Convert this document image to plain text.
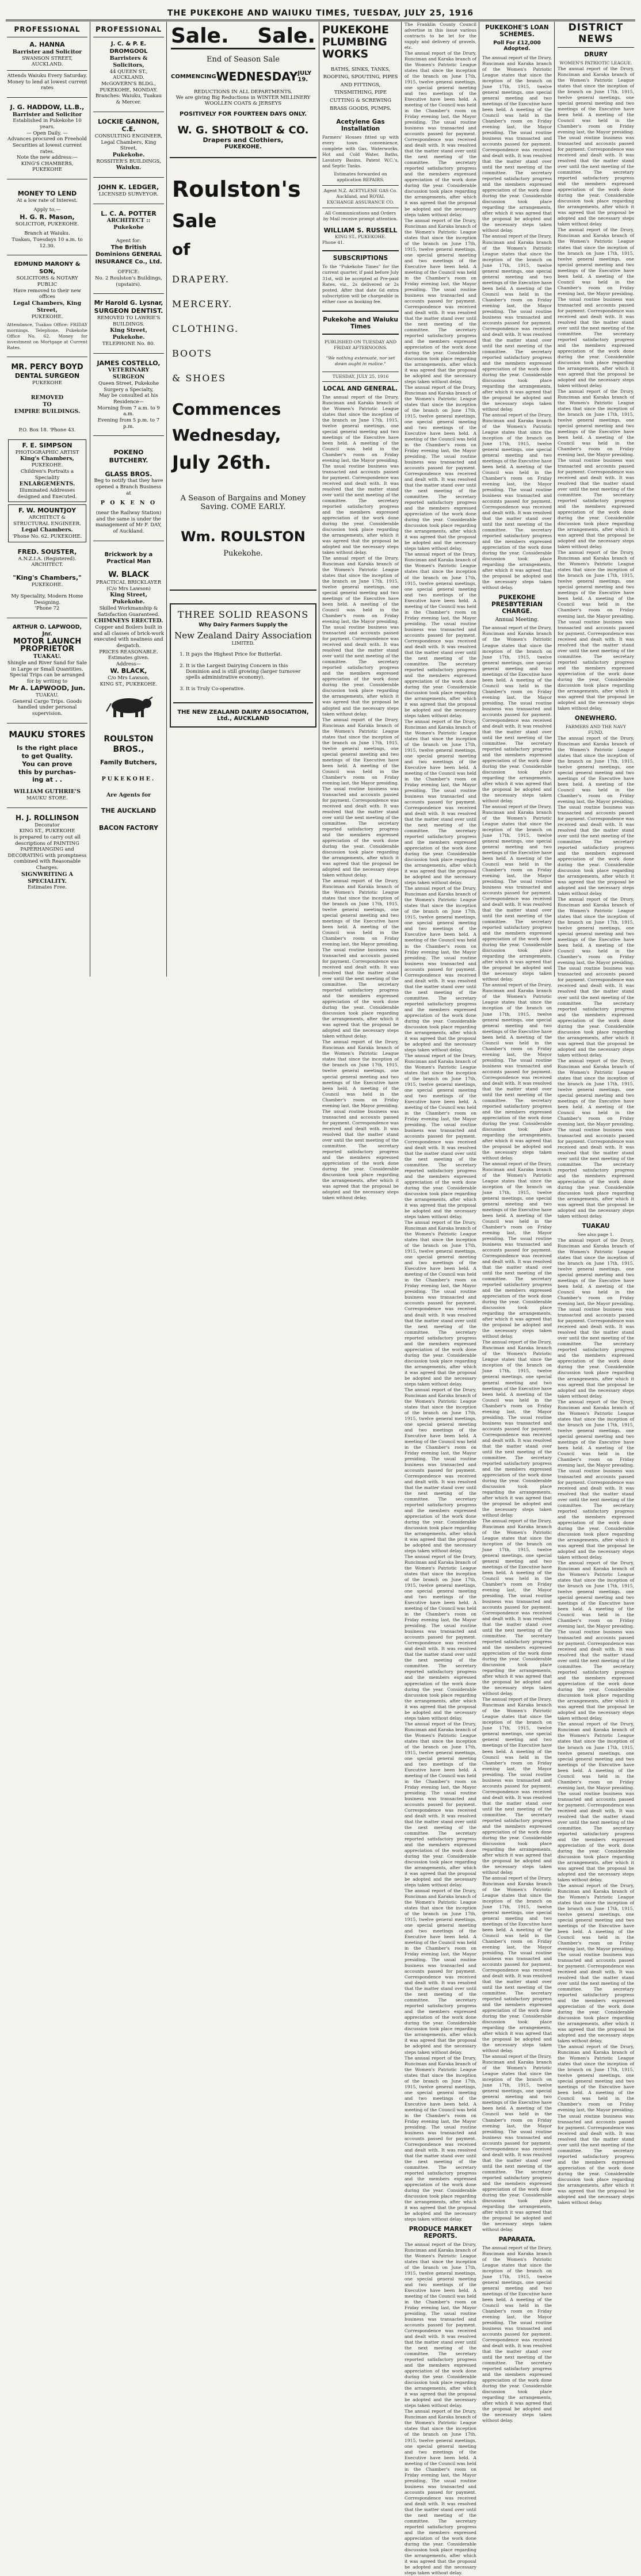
THE PUKEKOHE AND WAIUKU TIMES, TUESDAY, JULY 25, 1916
PROFESSIONAL
A. HANNA
Barrister and Solicitor
SWANSON STREET, AUCKLAND.
Attends Waiuku Every Saturday.
Money to lend at lowest current rates
J. G. HADDOW, LL.B.,
Barrister and Solicitor
Established in Pukekohe 10 years.
— Open Daily. —
Advances procured on Freehold Securities at lowest current rates.
Note the new address:— KING'S CHAMBERS, PUKEKOHE
MONEY TO LEND
At a low rate of Interest.
Apply to,—
H. G. R. Mason,
SOLICITOR, PUKEKOHE.
Branch at Waiuku.
Tuakau, Tuesdays 10 a.m. to 12.30.
EDMUND MARONY & SON,
SOLICITORS & NOTARY PUBLIC
Have removed to their new offices
Legal Chambers, King Street,
PUKEKOHE.
Attendance, Tuakau Office: FRIDAY mornings. Telephone, Pukekohe Office No. 62. Money for investment on Mortgage at Current Rates.
MR. PERCY BOYD
DENTAL SURGEON
PUKEKOHE
REMOVED
TO
EMPIRE BUILDINGS.
P.O. Box 18. 'Phone 43.
F. E. SIMPSON
PHOTOGRAPHIC ARTIST
King's Chambers,
PUKEKOHE.
Children's Portraits a Speciality
ENLARGEMENTS.
Illuminated Addresses designed and Executed.
F. W. MOUNTJOY
ARCHITECT & STRUCTURAL ENGINEER.
Legal Chambers.
'Phone No. 62. PUKEKOHE.
FRED. SOUSTER,
A.N.Z.I.A. (Registered).
ARCHITECT.
"King's Chambers,"
PUKEKOHE.
My Speciality, Modern Home Designing.
'Phone 72
ARTHUR O. LAPWOOD, Jnr.
MOTOR LAUNCH PROPRIETOR
TUAKAU.
Shingle and River Sand for Sale in Large or Small Quantities.
Special Trips can be arranged for by writing to
Mr A. LAPWOOD, Jun.
TUAKAU.
General Cargo Trips. Goods handled under personal supervision.
MAUKU STORES
Is the right place
to get Quality.
You can prove
this by purchas-
ing at . .
WILLIAM GUTHRIE'S
MAUKU STORE.
H. J. ROLLINSON
Decorator
KING ST., PUKEKOHE
is prepared to carry out all descriptions of PAINTING PAPERHANGING and DECORATING with promptness combined with Reasonable Charges.
SIGNWRITING A SPECIALITY.
Estimates Free.
PROFESSIONAL
J. C. & P. E. DROMGOOL
Barristers & Solicitors,
44 QUEEN ST., AUCKLAND.
McGOVERN'S BLDG., PUKEKOHE, MONDAY.
Branches: Waiuku, Tuakau & Mercer.
LOCKIE GANNON, C.E.
CONSULTING ENGINEER,
Legal Chambers, King Street,
Pukekohe.
ROSSITER'S BUILDINGS,
Waiuku.
JOHN K. LEDGER,
LICENSED SURVEYOR.
L. C. A. POTTER
ARCHITECT :: Pukekohe
Agent for:
The British Dominions GENERAL INSURANCE Co., Ltd.
OFFICE:
No. 2 Roulston's Buildings, (upstairs).
Mr Harold G. Lysnar,
SURGEON DENTIST.
REMOVED TO LAWRIE'S BUILDINGS.
King Street, Pukekohe.
TELEPHONE No. 80.
JAMES COSTELLO,
VETERINARY SURGEON
Queen Street, Pukekohe
Surgery a Specialty,
May be consulted at his Residence—
Morning from 7 a.m. to 9 a.m.
Evening from 5 p.m. to 7 p.m.
POKENO BUTCHERY.
GLASS BROS.
Beg to notify that they have opened a Branch Business at
P O K E N O
(near the Railway Station) and the same is under the management of Mr F. DAY, of Auckland.
Brickwork by a Practical Man
W. BLACK
PRACTICAL BRICKLAYER
(C/o Mrs Lawson)
King Street, Pukekohe.
Skilled Workmanship & Satisfaction Guaranteed.
CHIMNEYS ERECTED.
Copper and Boilers built in and all classes of brick-work executed with neatness and despatch.
PRICES REASONABLE.
Estimates given.
Address—
W. BLACK,
C/o Mrs Lawson,
KING ST., PUKEKOHE.
ROULSTON BROS.,
Family Butchers,
PUKEKOHE.
Are Agents for
THE AUCKLAND
BACON FACTORY
Sale. Sale.
End of Season Sale
COMMENCING WEDNESDAY JULY 19.
REDUCTIONS IN ALL DEPARTMENTS.
We are giving Big Reductions in WINTER MILLINERY WOOLLEN COATS & JERSEYS
POSITIVELY FOR FOURTEEN DAYS ONLY.
W. G. SHOTBOLT & CO.
Drapers and Clothiers,
PUKEKOHE.
Roulston's
Sale
of
DRAPERY.
MERCERY.
CLOTHING.
BOOTS
& SHOES
Commences
Wednesday,
July 26th.
A Season of Bargains and Money Saving. COME EARLY.
Wm. ROULSTON
Pukekohe.
THREE SOLID REASONS
Why Dairy Farmers Supply the
New Zealand Dairy Association
LIMITED.
1. It pays the Highest Price for Butterfat.
2. It is the Largest Dairying Concern in this Dominion and is still growing (larger turnover spells administrative economy).
3. It is Truly Co-operative.
THE NEW ZEALAND DAIRY ASSOCIATION, Ltd., AUCKLAND
PUKEKOHE
PLUMBING
WORKS
BATHS, SINKS, TANKS, ROOFING, SPOUTING, PIPES AND FITTINGS, TINSMITHING, PIPE CUTTING & SCREWING BRASS GOODS, PUMPS.
Acetylene Gas Installation
Farmers' Houses fitted up with every town convenience, complete with Gas, Waterworks, Hot and Cold Water, Baths, Lavatory Basins, Patent W.C.'s, and Septic Tanks.
Estimates forwarded on application REPAIRS.
Agent N.Z. ACETYLENE GAS Co. Auckland, and ROYAL EXCHANGE ASSURANCE CO.
All Communications and Orders by Mail receive prompt attention.
WILLIAM S. RUSSELL
KING ST., PUKEKOHE.
Phone 41.
SUBSCRIPTIONS
To the "Pukekohe Times" for the current quarter, if paid before July 31st, will be accepted at Pre-paid Rates, viz., 2s delivered or 2s posted. After that date 6d extra subscription will be chargeable in either case as booking fee.
Pukekohe and Waiuku Times
PUBLISHED ON TUESDAY AND FRIDAY AFTERNOONS.
"We nothing extenuate, nor set down aught in malice."
TUESDAY, JULY 25, 1916
LOCAL AND GENERAL.
The annual report of the Drury, Runciman and Karaka branch of the Women's Patriotic League states that since the inception of the branch on June 17th, 1915, twelve general meetings, one special general meeting and two meetings of the Executive have been held. A meeting of the Council was held in the Chamber's room on Friday evening last, the Mayor presiding. The usual routine business was transacted and accounts passed for payment. Correspondence was received and dealt with. It was resolved that the matter stand over until the next meeting of the committee. The secretary reported satisfactory progress and the members expressed appreciation of the work done during the year. Considerable discussion took place regarding the arrangements, after which it was agreed that the proposal be adopted and the necessary steps taken without delay.
The annual report of the Drury, Runciman and Karaka branch of the Women's Patriotic League states that since the inception of the branch on June 17th, 1915, twelve general meetings, one special general meeting and two meetings of the Executive have been held. A meeting of the Council was held in the Chamber's room on Friday evening last, the Mayor presiding. The usual routine business was transacted and accounts passed for payment. Correspondence was received and dealt with. It was resolved that the matter stand over until the next meeting of the committee. The secretary reported satisfactory progress and the members expressed appreciation of the work done during the year. Considerable discussion took place regarding the arrangements, after which it was agreed that the proposal be adopted and the necessary steps taken without delay.
The annual report of the Drury, Runciman and Karaka branch of the Women's Patriotic League states that since the inception of the branch on June 17th, 1915, twelve general meetings, one special general meeting and two meetings of the Executive have been held. A meeting of the Council was held in the Chamber's room on Friday evening last, the Mayor presiding. The usual routine business was transacted and accounts passed for payment. Correspondence was received and dealt with. It was resolved that the matter stand over until the next meeting of the committee. The secretary reported satisfactory progress and the members expressed appreciation of the work done during the year. Considerable discussion took place regarding the arrangements, after which it was agreed that the proposal be adopted and the necessary steps taken without delay.
The annual report of the Drury, Runciman and Karaka branch of the Women's Patriotic League states that since the inception of the branch on June 17th, 1915, twelve general meetings, one special general meeting and two meetings of the Executive have been held. A meeting of the Council was held in the Chamber's room on Friday evening last, the Mayor presiding. The usual routine business was transacted and accounts passed for payment. Correspondence was received and dealt with. It was resolved that the matter stand over until the next meeting of the committee. The secretary reported satisfactory progress and the members expressed appreciation of the work done during the year. Considerable discussion took place regarding the arrangements, after which it was agreed that the proposal be adopted and the necessary steps taken without delay.
The annual report of the Drury, Runciman and Karaka branch of the Women's Patriotic League states that since the inception of the branch on June 17th, 1915, twelve general meetings, one special general meeting and two meetings of the Executive have been held. A meeting of the Council was held in the Chamber's room on Friday evening last, the Mayor presiding. The usual routine business was transacted and accounts passed for payment. Correspondence was received and dealt with. It was resolved that the matter stand over until the next meeting of the committee. The secretary reported satisfactory progress and the members expressed appreciation of the work done during the year. Considerable discussion took place regarding the arrangements, after which it was agreed that the proposal be adopted and the necessary steps taken without delay.
The Franklin County Council advertise in this issue various contracts to be let for the supply and delivery of gravels, etc.
The annual report of the Drury, Runciman and Karaka branch of the Women's Patriotic League states that since the inception of the branch on June 17th, 1915, twelve general meetings, one special general meeting and two meetings of the Executive have been held. A meeting of the Council was held in the Chamber's room on Friday evening last, the Mayor presiding. The usual routine business was transacted and accounts passed for payment. Correspondence was received and dealt with. It was resolved that the matter stand over until the next meeting of the committee. The secretary reported satisfactory progress and the members expressed appreciation of the work done during the year. Considerable discussion took place regarding the arrangements, after which it was agreed that the proposal be adopted and the necessary steps taken without delay.
The annual report of the Drury, Runciman and Karaka branch of the Women's Patriotic League states that since the inception of the branch on June 17th, 1915, twelve general meetings, one special general meeting and two meetings of the Executive have been held. A meeting of the Council was held in the Chamber's room on Friday evening last, the Mayor presiding. The usual routine business was transacted and accounts passed for payment. Correspondence was received and dealt with. It was resolved that the matter stand over until the next meeting of the committee. The secretary reported satisfactory progress and the members expressed appreciation of the work done during the year. Considerable discussion took place regarding the arrangements, after which it was agreed that the proposal be adopted and the necessary steps taken without delay.
The annual report of the Drury, Runciman and Karaka branch of the Women's Patriotic League states that since the inception of the branch on June 17th, 1915, twelve general meetings, one special general meeting and two meetings of the Executive have been held. A meeting of the Council was held in the Chamber's room on Friday evening last, the Mayor presiding. The usual routine business was transacted and accounts passed for payment. Correspondence was received and dealt with. It was resolved that the matter stand over until the next meeting of the committee. The secretary reported satisfactory progress and the members expressed appreciation of the work done during the year. Considerable discussion took place regarding the arrangements, after which it was agreed that the proposal be adopted and the necessary steps taken without delay.
The annual report of the Drury, Runciman and Karaka branch of the Women's Patriotic League states that since the inception of the branch on June 17th, 1915, twelve general meetings, one special general meeting and two meetings of the Executive have been held. A meeting of the Council was held in the Chamber's room on Friday evening last, the Mayor presiding. The usual routine business was transacted and accounts passed for payment. Correspondence was received and dealt with. It was resolved that the matter stand over until the next meeting of the committee. The secretary reported satisfactory progress and the members expressed appreciation of the work done during the year. Considerable discussion took place regarding the arrangements, after which it was agreed that the proposal be adopted and the necessary steps taken without delay.
The annual report of the Drury, Runciman and Karaka branch of the Women's Patriotic League states that since the inception of the branch on June 17th, 1915, twelve general meetings, one special general meeting and two meetings of the Executive have been held. A meeting of the Council was held in the Chamber's room on Friday evening last, the Mayor presiding. The usual routine business was transacted and accounts passed for payment. Correspondence was received and dealt with. It was resolved that the matter stand over until the next meeting of the committee. The secretary reported satisfactory progress and the members expressed appreciation of the work done during the year. Considerable discussion took place regarding the arrangements, after which it was agreed that the proposal be adopted and the necessary steps taken without delay.
The annual report of the Drury, Runciman and Karaka branch of the Women's Patriotic League states that since the inception of the branch on June 17th, 1915, twelve general meetings, one special general meeting and two meetings of the Executive have been held. A meeting of the Council was held in the Chamber's room on Friday evening last, the Mayor presiding. The usual routine business was transacted and accounts passed for payment. Correspondence was received and dealt with. It was resolved that the matter stand over until the next meeting of the committee. The secretary reported satisfactory progress and the members expressed appreciation of the work done during the year. Considerable discussion took place regarding the arrangements, after which it was agreed that the proposal be adopted and the necessary steps taken without delay.
The annual report of the Drury, Runciman and Karaka branch of the Women's Patriotic League states that since the inception of the branch on June 17th, 1915, twelve general meetings, one special general meeting and two meetings of the Executive have been held. A meeting of the Council was held in the Chamber's room on Friday evening last, the Mayor presiding. The usual routine business was transacted and accounts passed for payment. Correspondence was received and dealt with. It was resolved that the matter stand over until the next meeting of the committee. The secretary reported satisfactory progress and the members expressed appreciation of the work done during the year. Considerable discussion took place regarding the arrangements, after which it was agreed that the proposal be adopted and the necessary steps taken without delay.
The annual report of the Drury, Runciman and Karaka branch of the Women's Patriotic League states that since the inception of the branch on June 17th, 1915, twelve general meetings, one special general meeting and two meetings of the Executive have been held. A meeting of the Council was held in the Chamber's room on Friday evening last, the Mayor presiding. The usual routine business was transacted and accounts passed for payment. Correspondence was received and dealt with. It was resolved that the matter stand over until the next meeting of the committee. The secretary reported satisfactory progress and the members expressed appreciation of the work done during the year. Considerable discussion took place regarding the arrangements, after which it was agreed that the proposal be adopted and the necessary steps taken without delay.
The annual report of the Drury, Runciman and Karaka branch of the Women's Patriotic League states that since the inception of the branch on June 17th, 1915, twelve general meetings, one special general meeting and two meetings of the Executive have been held. A meeting of the Council was held in the Chamber's room on Friday evening last, the Mayor presiding. The usual routine business was transacted and accounts passed for payment. Correspondence was received and dealt with. It was resolved that the matter stand over until the next meeting of the committee. The secretary reported satisfactory progress and the members expressed appreciation of the work done during the year. Considerable discussion took place regarding the arrangements, after which it was agreed that the proposal be adopted and the necessary steps taken without delay.
The annual report of the Drury, Runciman and Karaka branch of the Women's Patriotic League states that since the inception of the branch on June 17th, 1915, twelve general meetings, one special general meeting and two meetings of the Executive have been held. A meeting of the Council was held in the Chamber's room on Friday evening last, the Mayor presiding. The usual routine business was transacted and accounts passed for payment. Correspondence was received and dealt with. It was resolved that the matter stand over until the next meeting of the committee. The secretary reported satisfactory progress and the members expressed appreciation of the work done during the year. Considerable discussion took place regarding the arrangements, after which it was agreed that the proposal be adopted and the necessary steps taken without delay.
The annual report of the Drury, Runciman and Karaka branch of the Women's Patriotic League states that since the inception of the branch on June 17th, 1915, twelve general meetings, one special general meeting and two meetings of the Executive have been held. A meeting of the Council was held in the Chamber's room on Friday evening last, the Mayor presiding. The usual routine business was transacted and accounts passed for payment. Correspondence was received and dealt with. It was resolved that the matter stand over until the next meeting of the committee. The secretary reported satisfactory progress and the members expressed appreciation of the work done during the year. Considerable discussion took place regarding the arrangements, after which it was agreed that the proposal be adopted and the necessary steps taken without delay.
The annual report of the Drury, Runciman and Karaka branch of the Women's Patriotic League states that since the inception of the branch on June 17th, 1915, twelve general meetings, one special general meeting and two meetings of the Executive have been held. A meeting of the Council was held in the Chamber's room on Friday evening last, the Mayor presiding. The usual routine business was transacted and accounts passed for payment. Correspondence was received and dealt with. It was resolved that the matter stand over until the next meeting of the committee. The secretary reported satisfactory progress and the members expressed appreciation of the work done during the year. Considerable discussion took place regarding the arrangements, after which it was agreed that the proposal be adopted and the necessary steps taken without delay.
The annual report of the Drury, Runciman and Karaka branch of the Women's Patriotic League states that since the inception of the branch on June 17th, 1915, twelve general meetings, one special general meeting and two meetings of the Executive have been held. A meeting of the Council was held in the Chamber's room on Friday evening last, the Mayor presiding. The usual routine business was transacted and accounts passed for payment. Correspondence was received and dealt with. It was resolved that the matter stand over until the next meeting of the committee. The secretary reported satisfactory progress and the members expressed appreciation of the work done during the year. Considerable discussion took place regarding the arrangements, after which it was agreed that the proposal be adopted and the necessary steps taken without delay.
PRODUCE MARKET REPORTS.
The annual report of the Drury, Runciman and Karaka branch of the Women's Patriotic League states that since the inception of the branch on June 17th, 1915, twelve general meetings, one special general meeting and two meetings of the Executive have been held. A meeting of the Council was held in the Chamber's room on Friday evening last, the Mayor presiding. The usual routine business was transacted and accounts passed for payment. Correspondence was received and dealt with. It was resolved that the matter stand over until the next meeting of the committee. The secretary reported satisfactory progress and the members expressed appreciation of the work done during the year. Considerable discussion took place regarding the arrangements, after which it was agreed that the proposal be adopted and the necessary steps taken without delay.
The annual report of the Drury, Runciman and Karaka branch of the Women's Patriotic League states that since the inception of the branch on June 17th, 1915, twelve general meetings, one special general meeting and two meetings of the Executive have been held. A meeting of the Council was held in the Chamber's room on Friday evening last, the Mayor presiding. The usual routine business was transacted and accounts passed for payment. Correspondence was received and dealt with. It was resolved that the matter stand over until the next meeting of the committee. The secretary reported satisfactory progress and the members expressed appreciation of the work done during the year. Considerable discussion took place regarding the arrangements, after which it was agreed that the proposal be adopted and the necessary steps taken without delay.
PUKEKOHE'S LOAN
SCHEMES.
Poll For £12,000 Adopted.
The annual report of the Drury, Runciman and Karaka branch of the Women's Patriotic League states that since the inception of the branch on June 17th, 1915, twelve general meetings, one special general meeting and two meetings of the Executive have been held. A meeting of the Council was held in the Chamber's room on Friday evening last, the Mayor presiding. The usual routine business was transacted and accounts passed for payment. Correspondence was received and dealt with. It was resolved that the matter stand over until the next meeting of the committee. The secretary reported satisfactory progress and the members expressed appreciation of the work done during the year. Considerable discussion took place regarding the arrangements, after which it was agreed that the proposal be adopted and the necessary steps taken without delay.
The annual report of the Drury, Runciman and Karaka branch of the Women's Patriotic League states that since the inception of the branch on June 17th, 1915, twelve general meetings, one special general meeting and two meetings of the Executive have been held. A meeting of the Council was held in the Chamber's room on Friday evening last, the Mayor presiding. The usual routine business was transacted and accounts passed for payment. Correspondence was received and dealt with. It was resolved that the matter stand over until the next meeting of the committee. The secretary reported satisfactory progress and the members expressed appreciation of the work done during the year. Considerable discussion took place regarding the arrangements, after which it was agreed that the proposal be adopted and the necessary steps taken without delay.
The annual report of the Drury, Runciman and Karaka branch of the Women's Patriotic League states that since the inception of the branch on June 17th, 1915, twelve general meetings, one special general meeting and two meetings of the Executive have been held. A meeting of the Council was held in the Chamber's room on Friday evening last, the Mayor presiding. The usual routine business was transacted and accounts passed for payment. Correspondence was received and dealt with. It was resolved that the matter stand over until the next meeting of the committee. The secretary reported satisfactory progress and the members expressed appreciation of the work done during the year. Considerable discussion took place regarding the arrangements, after which it was agreed that the proposal be adopted and the necessary steps taken without delay.
PUKEKOHE PRESBYTERIAN
CHARGE.
Annual Meeting.
The annual report of the Drury, Runciman and Karaka branch of the Women's Patriotic League states that since the inception of the branch on June 17th, 1915, twelve general meetings, one special general meeting and two meetings of the Executive have been held. A meeting of the Council was held in the Chamber's room on Friday evening last, the Mayor presiding. The usual routine business was transacted and accounts passed for payment. Correspondence was received and dealt with. It was resolved that the matter stand over until the next meeting of the committee. The secretary reported satisfactory progress and the members expressed appreciation of the work done during the year. Considerable discussion took place regarding the arrangements, after which it was agreed that the proposal be adopted and the necessary steps taken without delay.
The annual report of the Drury, Runciman and Karaka branch of the Women's Patriotic League states that since the inception of the branch on June 17th, 1915, twelve general meetings, one special general meeting and two meetings of the Executive have been held. A meeting of the Council was held in the Chamber's room on Friday evening last, the Mayor presiding. The usual routine business was transacted and accounts passed for payment. Correspondence was received and dealt with. It was resolved that the matter stand over until the next meeting of the committee. The secretary reported satisfactory progress and the members expressed appreciation of the work done during the year. Considerable discussion took place regarding the arrangements, after which it was agreed that the proposal be adopted and the necessary steps taken without delay.
The annual report of the Drury, Runciman and Karaka branch of the Women's Patriotic League states that since the inception of the branch on June 17th, 1915, twelve general meetings, one special general meeting and two meetings of the Executive have been held. A meeting of the Council was held in the Chamber's room on Friday evening last, the Mayor presiding. The usual routine business was transacted and accounts passed for payment. Correspondence was received and dealt with. It was resolved that the matter stand over until the next meeting of the committee. The secretary reported satisfactory progress and the members expressed appreciation of the work done during the year. Considerable discussion took place regarding the arrangements, after which it was agreed that the proposal be adopted and the necessary steps taken without delay.
The annual report of the Drury, Runciman and Karaka branch of the Women's Patriotic League states that since the inception of the branch on June 17th, 1915, twelve general meetings, one special general meeting and two meetings of the Executive have been held. A meeting of the Council was held in the Chamber's room on Friday evening last, the Mayor presiding. The usual routine business was transacted and accounts passed for payment. Correspondence was received and dealt with. It was resolved that the matter stand over until the next meeting of the committee. The secretary reported satisfactory progress and the members expressed appreciation of the work done during the year. Considerable discussion took place regarding the arrangements, after which it was agreed that the proposal be adopted and the necessary steps taken without delay.
The annual report of the Drury, Runciman and Karaka branch of the Women's Patriotic League states that since the inception of the branch on June 17th, 1915, twelve general meetings, one special general meeting and two meetings of the Executive have been held. A meeting of the Council was held in the Chamber's room on Friday evening last, the Mayor presiding. The usual routine business was transacted and accounts passed for payment. Correspondence was received and dealt with. It was resolved that the matter stand over until the next meeting of the committee. The secretary reported satisfactory progress and the members expressed appreciation of the work done during the year. Considerable discussion took place regarding the arrangements, after which it was agreed that the proposal be adopted and the necessary steps taken without delay.
The annual report of the Drury, Runciman and Karaka branch of the Women's Patriotic League states that since the inception of the branch on June 17th, 1915, twelve general meetings, one special general meeting and two meetings of the Executive have been held. A meeting of the Council was held in the Chamber's room on Friday evening last, the Mayor presiding. The usual routine business was transacted and accounts passed for payment. Correspondence was received and dealt with. It was resolved that the matter stand over until the next meeting of the committee. The secretary reported satisfactory progress and the members expressed appreciation of the work done during the year. Considerable discussion took place regarding the arrangements, after which it was agreed that the proposal be adopted and the necessary steps taken without delay.
The annual report of the Drury, Runciman and Karaka branch of the Women's Patriotic League states that since the inception of the branch on June 17th, 1915, twelve general meetings, one special general meeting and two meetings of the Executive have been held. A meeting of the Council was held in the Chamber's room on Friday evening last, the Mayor presiding. The usual routine business was transacted and accounts passed for payment. Correspondence was received and dealt with. It was resolved that the matter stand over until the next meeting of the committee. The secretary reported satisfactory progress and the members expressed appreciation of the work done during the year. Considerable discussion took place regarding the arrangements, after which it was agreed that the proposal be adopted and the necessary steps taken without delay.
The annual report of the Drury, Runciman and Karaka branch of the Women's Patriotic League states that since the inception of the branch on June 17th, 1915, twelve general meetings, one special general meeting and two meetings of the Executive have been held. A meeting of the Council was held in the Chamber's room on Friday evening last, the Mayor presiding. The usual routine business was transacted and accounts passed for payment. Correspondence was received and dealt with. It was resolved that the matter stand over until the next meeting of the committee. The secretary reported satisfactory progress and the members expressed appreciation of the work done during the year. Considerable discussion took place regarding the arrangements, after which it was agreed that the proposal be adopted and the necessary steps taken without delay.
The annual report of the Drury, Runciman and Karaka branch of the Women's Patriotic League states that since the inception of the branch on June 17th, 1915, twelve general meetings, one special general meeting and two meetings of the Executive have been held. A meeting of the Council was held in the Chamber's room on Friday evening last, the Mayor presiding. The usual routine business was transacted and accounts passed for payment. Correspondence was received and dealt with. It was resolved that the matter stand over until the next meeting of the committee. The secretary reported satisfactory progress and the members expressed appreciation of the work done during the year. Considerable discussion took place regarding the arrangements, after which it was agreed that the proposal be adopted and the necessary steps taken without delay.
PAPARATA.
The annual report of the Drury, Runciman and Karaka branch of the Women's Patriotic League states that since the inception of the branch on June 17th, 1915, twelve general meetings, one special general meeting and two meetings of the Executive have been held. A meeting of the Council was held in the Chamber's room on Friday evening last, the Mayor presiding. The usual routine business was transacted and accounts passed for payment. Correspondence was received and dealt with. It was resolved that the matter stand over until the next meeting of the committee. The secretary reported satisfactory progress and the members expressed appreciation of the work done during the year. Considerable discussion took place regarding the arrangements, after which it was agreed that the proposal be adopted and the necessary steps taken without delay.
DISTRICT NEWS
DRURY
WOMEN'S PATRIOTIC LEAGUE.
The annual report of the Drury, Runciman and Karaka branch of the Women's Patriotic League states that since the inception of the branch on June 17th, 1915, twelve general meetings, one special general meeting and two meetings of the Executive have been held. A meeting of the Council was held in the Chamber's room on Friday evening last, the Mayor presiding. The usual routine business was transacted and accounts passed for payment. Correspondence was received and dealt with. It was resolved that the matter stand over until the next meeting of the committee. The secretary reported satisfactory progress and the members expressed appreciation of the work done during the year. Considerable discussion took place regarding the arrangements, after which it was agreed that the proposal be adopted and the necessary steps taken without delay.
The annual report of the Drury, Runciman and Karaka branch of the Women's Patriotic League states that since the inception of the branch on June 17th, 1915, twelve general meetings, one special general meeting and two meetings of the Executive have been held. A meeting of the Council was held in the Chamber's room on Friday evening last, the Mayor presiding. The usual routine business was transacted and accounts passed for payment. Correspondence was received and dealt with. It was resolved that the matter stand over until the next meeting of the committee. The secretary reported satisfactory progress and the members expressed appreciation of the work done during the year. Considerable discussion took place regarding the arrangements, after which it was agreed that the proposal be adopted and the necessary steps taken without delay.
The annual report of the Drury, Runciman and Karaka branch of the Women's Patriotic League states that since the inception of the branch on June 17th, 1915, twelve general meetings, one special general meeting and two meetings of the Executive have been held. A meeting of the Council was held in the Chamber's room on Friday evening last, the Mayor presiding. The usual routine business was transacted and accounts passed for payment. Correspondence was received and dealt with. It was resolved that the matter stand over until the next meeting of the committee. The secretary reported satisfactory progress and the members expressed appreciation of the work done during the year. Considerable discussion took place regarding the arrangements, after which it was agreed that the proposal be adopted and the necessary steps taken without delay.
The annual report of the Drury, Runciman and Karaka branch of the Women's Patriotic League states that since the inception of the branch on June 17th, 1915, twelve general meetings, one special general meeting and two meetings of the Executive have been held. A meeting of the Council was held in the Chamber's room on Friday evening last, the Mayor presiding. The usual routine business was transacted and accounts passed for payment. Correspondence was received and dealt with. It was resolved that the matter stand over until the next meeting of the committee. The secretary reported satisfactory progress and the members expressed appreciation of the work done during the year. Considerable discussion took place regarding the arrangements, after which it was agreed that the proposal be adopted and the necessary steps taken without delay.
ONEWHERO.
FARMERS AND THE NAVY FUND.
The annual report of the Drury, Runciman and Karaka branch of the Women's Patriotic League states that since the inception of the branch on June 17th, 1915, twelve general meetings, one special general meeting and two meetings of the Executive have been held. A meeting of the Council was held in the Chamber's room on Friday evening last, the Mayor presiding. The usual routine business was transacted and accounts passed for payment. Correspondence was received and dealt with. It was resolved that the matter stand over until the next meeting of the committee. The secretary reported satisfactory progress and the members expressed appreciation of the work done during the year. Considerable discussion took place regarding the arrangements, after which it was agreed that the proposal be adopted and the necessary steps taken without delay.
The annual report of the Drury, Runciman and Karaka branch of the Women's Patriotic League states that since the inception of the branch on June 17th, 1915, twelve general meetings, one special general meeting and two meetings of the Executive have been held. A meeting of the Council was held in the Chamber's room on Friday evening last, the Mayor presiding. The usual routine business was transacted and accounts passed for payment. Correspondence was received and dealt with. It was resolved that the matter stand over until the next meeting of the committee. The secretary reported satisfactory progress and the members expressed appreciation of the work done during the year. Considerable discussion took place regarding the arrangements, after which it was agreed that the proposal be adopted and the necessary steps taken without delay.
The annual report of the Drury, Runciman and Karaka branch of the Women's Patriotic League states that since the inception of the branch on June 17th, 1915, twelve general meetings, one special general meeting and two meetings of the Executive have been held. A meeting of the Council was held in the Chamber's room on Friday evening last, the Mayor presiding. The usual routine business was transacted and accounts passed for payment. Correspondence was received and dealt with. It was resolved that the matter stand over until the next meeting of the committee. The secretary reported satisfactory progress and the members expressed appreciation of the work done during the year. Considerable discussion took place regarding the arrangements, after which it was agreed that the proposal be adopted and the necessary steps taken without delay.
TUAKAU
See also page 1.
The annual report of the Drury, Runciman and Karaka branch of the Women's Patriotic League states that since the inception of the branch on June 17th, 1915, twelve general meetings, one special general meeting and two meetings of the Executive have been held. A meeting of the Council was held in the Chamber's room on Friday evening last, the Mayor presiding. The usual routine business was transacted and accounts passed for payment. Correspondence was received and dealt with. It was resolved that the matter stand over until the next meeting of the committee. The secretary reported satisfactory progress and the members expressed appreciation of the work done during the year. Considerable discussion took place regarding the arrangements, after which it was agreed that the proposal be adopted and the necessary steps taken without delay.
The annual report of the Drury, Runciman and Karaka branch of the Women's Patriotic League states that since the inception of the branch on June 17th, 1915, twelve general meetings, one special general meeting and two meetings of the Executive have been held. A meeting of the Council was held in the Chamber's room on Friday evening last, the Mayor presiding. The usual routine business was transacted and accounts passed for payment. Correspondence was received and dealt with. It was resolved that the matter stand over until the next meeting of the committee. The secretary reported satisfactory progress and the members expressed appreciation of the work done during the year. Considerable discussion took place regarding the arrangements, after which it was agreed that the proposal be adopted and the necessary steps taken without delay.
The annual report of the Drury, Runciman and Karaka branch of the Women's Patriotic League states that since the inception of the branch on June 17th, 1915, twelve general meetings, one special general meeting and two meetings of the Executive have been held. A meeting of the Council was held in the Chamber's room on Friday evening last, the Mayor presiding. The usual routine business was transacted and accounts passed for payment. Correspondence was received and dealt with. It was resolved that the matter stand over until the next meeting of the committee. The secretary reported satisfactory progress and the members expressed appreciation of the work done during the year. Considerable discussion took place regarding the arrangements, after which it was agreed that the proposal be adopted and the necessary steps taken without delay.
The annual report of the Drury, Runciman and Karaka branch of the Women's Patriotic League states that since the inception of the branch on June 17th, 1915, twelve general meetings, one special general meeting and two meetings of the Executive have been held. A meeting of the Council was held in the Chamber's room on Friday evening last, the Mayor presiding. The usual routine business was transacted and accounts passed for payment. Correspondence was received and dealt with. It was resolved that the matter stand over until the next meeting of the committee. The secretary reported satisfactory progress and the members expressed appreciation of the work done during the year. Considerable discussion took place regarding the arrangements, after which it was agreed that the proposal be adopted and the necessary steps taken without delay.
The annual report of the Drury, Runciman and Karaka branch of the Women's Patriotic League states that since the inception of the branch on June 17th, 1915, twelve general meetings, one special general meeting and two meetings of the Executive have been held. A meeting of the Council was held in the Chamber's room on Friday evening last, the Mayor presiding. The usual routine business was transacted and accounts passed for payment. Correspondence was received and dealt with. It was resolved that the matter stand over until the next meeting of the committee. The secretary reported satisfactory progress and the members expressed appreciation of the work done during the year. Considerable discussion took place regarding the arrangements, after which it was agreed that the proposal be adopted and the necessary steps taken without delay.
The annual report of the Drury, Runciman and Karaka branch of the Women's Patriotic League states that since the inception of the branch on June 17th, 1915, twelve general meetings, one special general meeting and two meetings of the Executive have been held. A meeting of the Council was held in the Chamber's room on Friday evening last, the Mayor presiding. The usual routine business was transacted and accounts passed for payment. Correspondence was received and dealt with. It was resolved that the matter stand over until the next meeting of the committee. The secretary reported satisfactory progress and the members expressed appreciation of the work done during the year. Considerable discussion took place regarding the arrangements, after which it was agreed that the proposal be adopted and the necessary steps taken without delay.
